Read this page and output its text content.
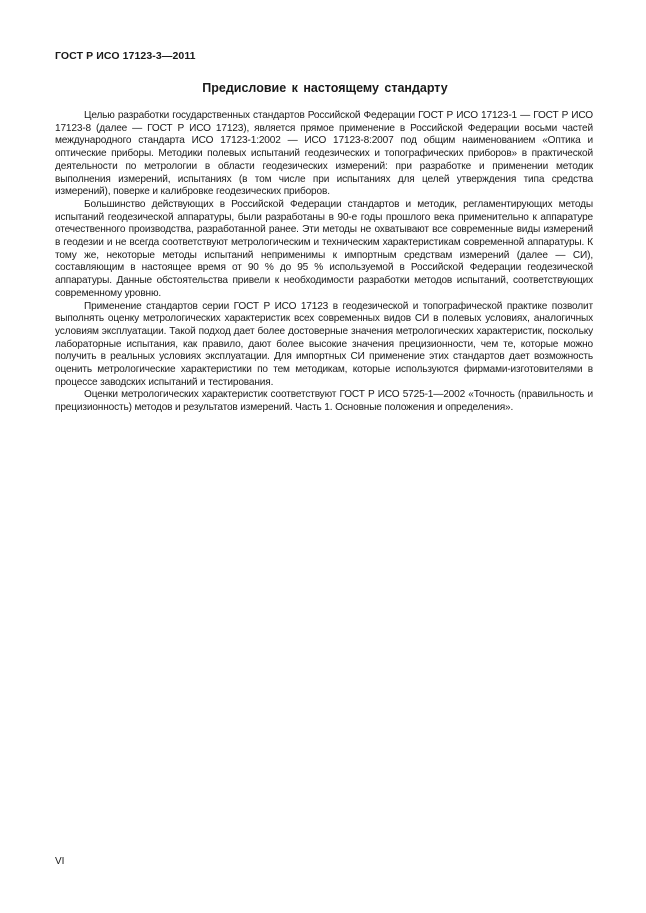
ГОСТ Р ИСО 17123-3—2011
Предисловие к настоящему стандарту

Целью разработки государственных стандартов Российской Федерации ГОСТ Р ИСО 17123-1 — ГОСТ Р ИСО 17123-8 (далее — ГОСТ Р ИСО 17123), является прямое применение в Российской Федерации восьми частей международного стандарта ИСО 17123-1:2002 — ИСО 17123-8:2007 под общим наименованием «Оптика и оптические приборы. Методики полевых испытаний геодезических и топографических приборов» в практической деятельности по метрологии в области геодезических измерений: при разработке и применении методик выполнения измерений, испытаниях (в том числе при испытаниях для целей утверждения типа средства измерений), поверке и калибровке геодезических приборов.

Большинство действующих в Российской Федерации стандартов и методик, регламентирующих методы испытаний геодезической аппаратуры, были разработаны в 90-е годы прошлого века применительно к аппаратуре отечественного производства, разработанной ранее. Эти методы не охватывают все современные виды измерений в геодезии и не всегда соответствуют метрологическим и техническим характеристикам современной аппаратуры. К тому же, некоторые методы испытаний неприменимы к импортным средствам измерений (далее — СИ), составляющим в настоящее время от 90 % до 95 % используемой в Российской Федерации геодезической аппаратуры. Данные обстоятельства привели к необходимости разработки методов испытаний, соответствующих современному уровню.

Применение стандартов серии ГОСТ Р ИСО 17123 в геодезической и топографической практике позволит выполнять оценку метрологических характеристик всех современных видов СИ в полевых условиях, аналогичных условиям эксплуатации. Такой подход дает более достоверные значения метрологических характеристик, поскольку лабораторные испытания, как правило, дают более высокие значения прецизионности, чем те, которые можно получить в реальных условиях эксплуатации. Для импортных СИ применение этих стандартов дает возможность оценить метрологические характеристики по тем методикам, которые используются фирмами-изготовителями в процессе заводских испытаний и тестирования.

Оценки метрологических характеристик соответствуют ГОСТ Р ИСО 5725-1—2002 «Точность (правильность и прецизионность) методов и результатов измерений. Часть 1. Основные положения и определения».

VI
